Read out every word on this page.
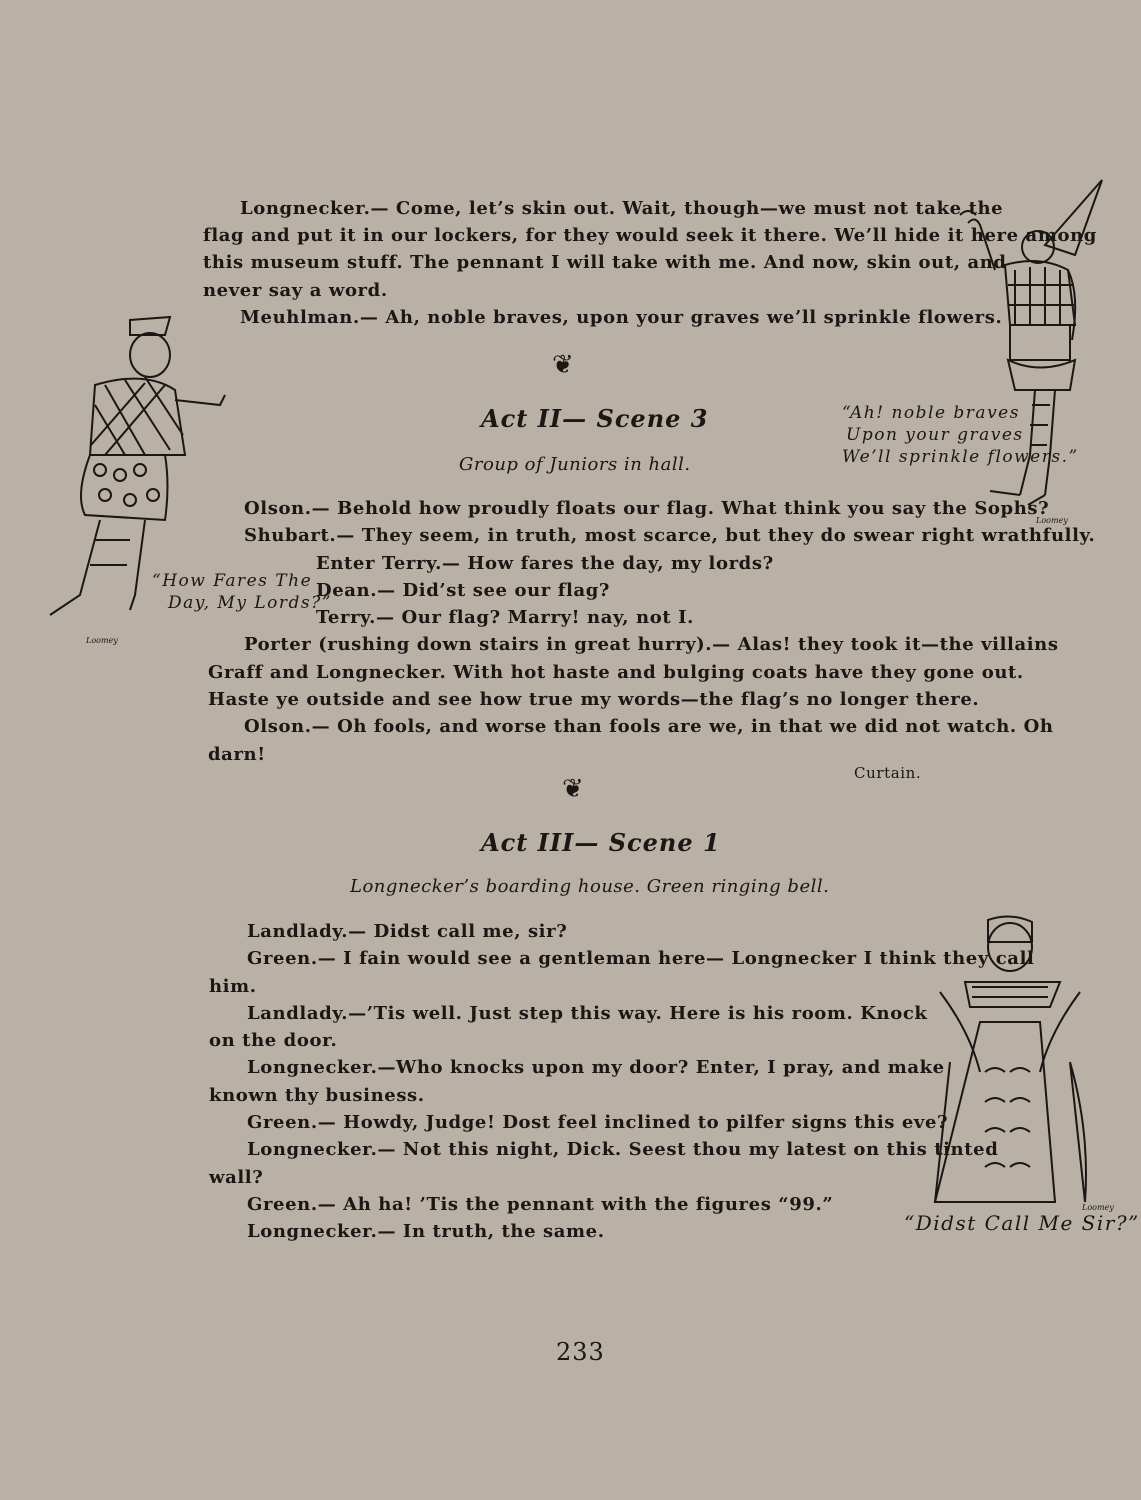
Longnecker.— Come, let’s skin out. Wait, though—we must not take the
flag and put it in our lockers, for they would seek it there. We’ll hide it here among
this museum stuff. The pennant I will take with me. And now, skin out, and
never say a word.
Meuhlman.— Ah, noble braves, upon your graves we’ll sprinkle flowers.
❦
Act II— Scene 3
Group of Juniors in hall.
Olson.— Behold how proudly floats our flag. What think you say the Sophs?
Shubart.— They seem, in truth, most scarce, but they do swear right wrathfully.
Enter Terry.— How fares the day, my lords?
Dean.— Did’st see our flag?
Terry.— Our flag? Marry! nay, not I.
Porter (rushing down stairs in great hurry).— Alas! they took it—the villains
Graff and Longnecker. With hot haste and bulging coats have they gone out.
Haste ye outside and see how true my words—the flag’s no longer there.
Olson.— Oh fools, and worse than fools are we, in that we did not watch. Oh
darn!
Curtain.
❦
Act III— Scene 1
Longnecker’s boarding house. Green ringing bell.
Landlady.— Didst call me, sir?
Green.— I fain would see a gentleman here— Longnecker I think they call
him.
Landlady.—’Tis well. Just step this way. Here is his room. Knock
on the door.
Longnecker.—Who knocks upon my door? Enter, I pray, and make
known thy business.
Green.— Howdy, Judge! Dost feel inclined to pilfer signs this eve?
Longnecker.— Not this night, Dick. Seest thou my latest on this tinted
wall?
Green.— Ah ha! ’Tis the pennant with the figures “99.”
Longnecker.— In truth, the same.
233
“Ah! noble braves
Upon your graves
We’ll sprinkle flowers.”
Loomey
“How Fares The
Day, My Lords?”
Loomey
“Didst Call Me Sir?”
Loomey
